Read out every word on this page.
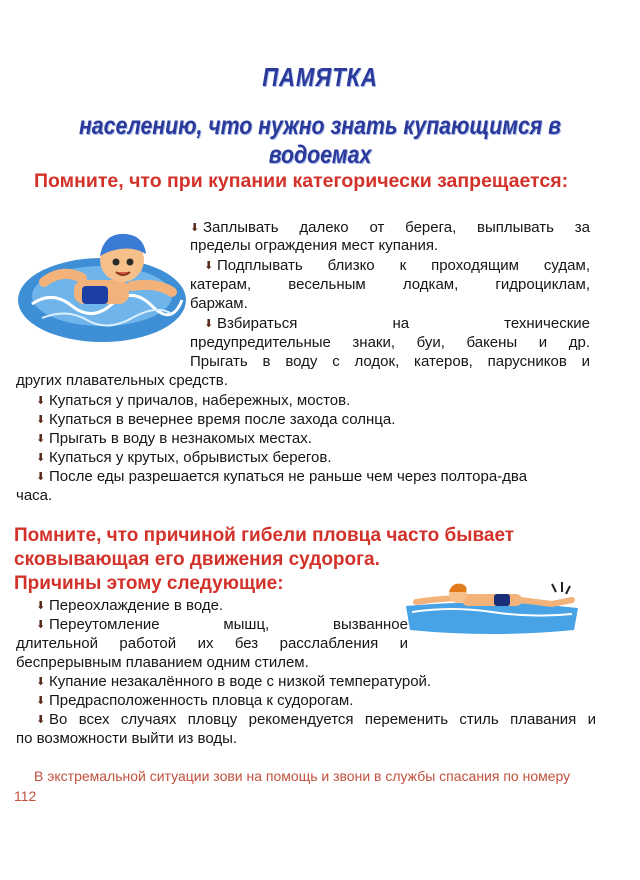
ПАМЯТКА
населению, что нужно знать купающимся в водоемах
Помните, что при купании категорически запрещается:
⬇ Заплывать далеко от берега, выплывать за
пределы ограждения мест купания.
⬇ Подплывать близко к проходящим судам,
катерам, весельным лодкам, гидроциклам,
баржам.
⬇ Взбираться на технические
предупредительные знаки, буи, бакены и др.
Прыгать в воду с лодок, катеров, парусников и
других плавательных средств.
⬇ Купаться у причалов, набережных, мостов.
⬇ Купаться в вечернее время после захода солнца.
⬇ Прыгать в воду в незнакомых местах.
⬇ Купаться у крутых, обрывистых берегов.
⬇ После еды разрешается купаться не раньше чем через полтора-два
часа.
Помните, что причиной гибели пловца часто бывает
сковывающая его движения судорога.
Причины этому следующие:
⬇ Переохлаждение в воде.
⬇ Переутомление мышц, вызванное
длительной работой их без расслабления и
беспрерывным плаванием одним стилем.
⬇ Купание незакалённого в воде с низкой температурой.
⬇ Предрасположенность пловца к судорогам.
⬇ Во всех случаях пловцу рекомендуется переменить стиль плавания и
по возможности выйти из воды.
В экстремальной ситуации зови на помощь и звони в службы спасания по номеру 112
